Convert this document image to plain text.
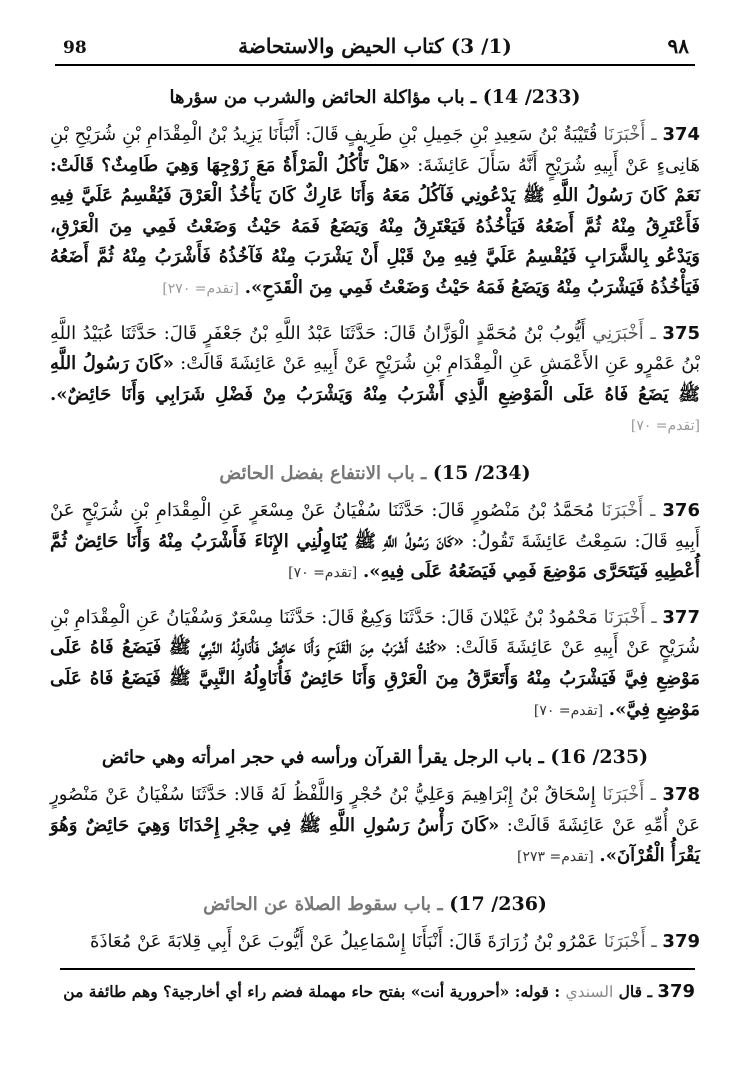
98	(1/ 3) كتاب الحيض والاستحاضة	٩٨
(233/ 14) ـ باب مؤاكلة الحائض والشرب من سؤرها

374 ـ أَخْبَرَنَا قُتَيْبَةُ بْنُ سَعِيدِ بْنِ جَمِيلِ بْنِ طَرِيفٍ قَالَ: أَنْبَأَنَا يَزِيدُ بْنُ الْمِقْدَامِ بْنِ شُرَيْحِ بْنِ هَانِىءٍ عَنْ أَبِيهِ شُرَيْحٍ أَنَّهُ سَأَلَ عَائِشَةَ: «هَلْ تَأْكُلُ الْمَرْأَةُ مَعَ زَوْجِهَا وَهِيَ طَامِثٌ؟ قَالَتْ: نَعَمْ كَانَ رَسُولُ اللَّهِ ﷺ يَدْعُونِي فَآكُلُ مَعَهُ وَأَنَا عَارِكٌ كَانَ يَأْخُذُ الْعَرْقَ فَيُقْسِمُ عَلَيَّ فِيهِ فَأَعْتَرِقُ مِنْهُ ثُمَّ أَضَعُهُ فَيَأْخُذُهُ فَيَعْتَرِقُ مِنْهُ وَيَضَعُ فَمَهُ حَيْثُ وَضَعْتُ فَمِي مِنَ الْعَرْقِ، وَيَدْعُو بِالشَّرَابِ فَيُقْسِمُ عَلَيَّ فِيهِ مِنْ قَبْلِ أَنْ يَشْرَبَ مِنْهُ فَآخُذُهُ فَأَشْرَبُ مِنْهُ ثُمَّ أَضَعُهُ فَيَأْخُذُهُ فَيَشْرَبُ مِنْهُ وَيَضَعُ فَمَهُ حَيْثُ وَضَعْتُ فَمِي مِنَ الْقَدَحِ». [تقدم= ٢٧٠]

375 ـ أَخْبَرَنِي أَيُّوبُ بْنُ مُحَمَّدٍ الْوَزَّانُ قَالَ: حَدَّثَنَا عَبْدُ اللَّهِ بْنُ جَعْفَرٍ قَالَ: حَدَّثَنَا عُبَيْدُ اللَّهِ بْنُ عَمْرٍو عَنِ الأَعْمَشِ عَنِ الْمِقْدَامِ بْنِ شُرَيْحٍ عَنْ أَبِيهِ عَنْ عَائِشَةَ قَالَتْ: «كَانَ رَسُولُ اللَّهِ ﷺ يَضَعُ فَاهُ عَلَى الْمَوْضِعِ الَّذِي أَشْرَبُ مِنْهُ وَيَشْرَبُ مِنْ فَضْلِ شَرَابِي وَأَنَا حَائِضٌ». [تقدم= ٧٠]

(234/ 15) ـ باب الانتفاع بفضل الحائض

376 ـ أَخْبَرَنَا مُحَمَّدُ بْنُ مَنْصُورٍ قَالَ: حَدَّثَنَا سُفْيَانُ عَنْ مِسْعَرٍ عَنِ الْمِقْدَامِ بْنِ شُرَيْحٍ عَنْ أَبِيهِ قَالَ: سَمِعْتُ عَائِشَةَ تَقُولُ: «كَانَ رَسُولُ اللَّهِ ﷺ يُنَاوِلُنِي الإِنَاءَ فَأَشْرَبُ مِنْهُ وَأَنَا حَائِضٌ ثُمَّ أُعْطِيهِ فَيَتَحَرَّى مَوْضِعَ فَمِي فَيَضَعُهُ عَلَى فِيهِ». [تقدم= ٧٠]

377 ـ أَخْبَرَنَا مَحْمُودُ بْنُ غَيْلانَ قَالَ: حَدَّثَنَا وَكِيعٌ قَالَ: حَدَّثَنَا مِسْعَرٌ وَسُفْيَانُ عَنِ الْمِقْدَامِ بْنِ شُرَيْحٍ عَنْ أَبِيهِ عَنْ عَائِشَةَ قَالَتْ: «كُنْتُ أَشْرَبُ مِنَ الْقَدَحِ وَأَنَا حَائِضٌ فَأُنَاوِلُهُ النَّبِيَّ ﷺ فَيَضَعُ فَاهُ عَلَى مَوْضِعِ فِيَّ فَيَشْرَبُ مِنْهُ وَأَتَعَرَّقُ مِنَ الْعَرْقِ وَأَنَا حَائِضٌ فَأُنَاوِلُهُ النَّبِيَّ ﷺ فَيَضَعُ فَاهُ عَلَى مَوْضِعِ فِيَّ». [تقدم= ٧٠]

(235/ 16) ـ باب الرجل يقرأ القرآن ورأسه في حجر امرأته وهي حائض

378 ـ أَخْبَرَنَا إِسْحَاقُ بْنُ إِبْرَاهِيمَ وَعَلِيُّ بْنُ حُجْرٍ وَاللَّفْظُ لَهُ قَالا: حَدَّثَنَا سُفْيَانُ عَنْ مَنْصُورٍ عَنْ أُمِّهِ عَنْ عَائِشَةَ قَالَتْ: «كَانَ رَأْسُ رَسُولِ اللَّهِ ﷺ فِي حِجْرِ إِحْدَانَا وَهِيَ حَائِضٌ وَهُوَ يَقْرَأُ الْقُرْآنَ». [تقدم= ٢٧٣]

(236/ 17) ـ باب سقوط الصلاة عن الحائض

379 ـ أَخْبَرَنَا عَمْرُو بْنُ زُرَارَةَ قَالَ: أَنْبَأَنَا إِسْمَاعِيلُ عَنْ أَيُّوبَ عَنْ أَبِي قِلابَةَ عَنْ مُعَاذَةَ

379 ـ قال السندي : قوله: «أحرورية أنت» بفتح حاء مهملة فضم راء أي أخارجية؟ وهم طائفة من
